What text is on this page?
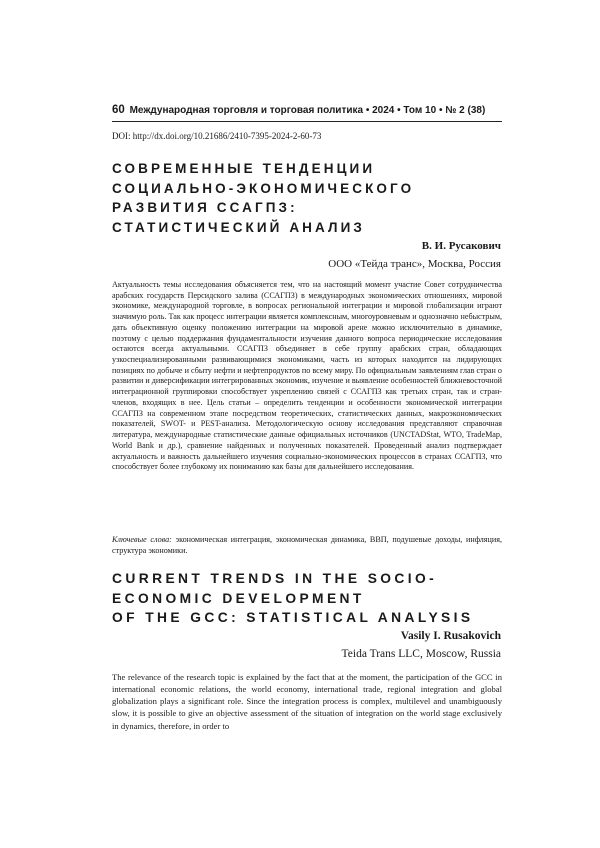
60 Международная торговля и торговая политика • 2024 • Том 10 • № 2 (38)
DOI: http://dx.doi.org/10.21686/2410-7395-2024-2-60-73
СОВРЕМЕННЫЕ ТЕНДЕНЦИИ
СОЦИАЛЬНО-ЭКОНОМИЧЕСКОГО
РАЗВИТИЯ ССАГПЗ:
СТАТИСТИЧЕСКИЙ АНАЛИЗ
В. И. Русакович
ООО «Тейда транс», Москва, Россия

Актуальность темы исследования объясняется тем, что на настоящий момент участие Совет сотрудничества арабских государств Персидского залива (ССАГПЗ) в международных экономических отношениях, мировой экономике, международной торговле, в вопросах региональной интеграции и мировой глобализации играют значимую роль. Так как процесс интеграции является комплексным, многоуровневым и однозначно небыстрым, дать объективную оценку положению интеграции на мировой арене можно исключительно в динамике, поэтому с целью поддержания фундаментальности изучения данного вопроса периодические исследования остаются всегда актуальными. ССАГПЗ объединяет в себе группу арабских стран, обладающих узкоспециализированными развивающимися экономиками, часть из которых находится на лидирующих позициях по добыче и сбыту нефти и нефтепродуктов по всему миру. По официальным заявлениям глав стран о развитии и диверсификации интегрированных экономик, изучение и выявление особенностей ближневосточной интеграционной группировки способствует укреплению связей с ССАГПЗ как третьих стран, так и стран-членов, входящих в нее. Цель статьи – определить тенденции и особенности экономической интеграции ССАГПЗ на современном этапе посредством теоретических, статистических данных, макроэкономических показателей, SWOT- и PEST-анализа. Методологическую основу исследования представляют справочная литература, международные статистические данные официальных источников (UNCTADStat, WTO, TradeMap, World Bank и др.), сравнение найденных и полученных показателей. Проведенный анализ подтверждает актуальность и важность дальнейшего изучения социально-экономических процессов в странах ССАГПЗ, что способствует более глубокому их пониманию как базы для дальнейшего исследования.

Ключевые слова: экономическая интеграция, экономическая динамика, ВВП, подушевые доходы, инфляция, структура экономики.

CURRENT TRENDS IN THE SOCIO-
ECONOMIC DEVELOPMENT
OF THE GCC: STATISTICAL ANALYSIS
Vasily I. Rusakovich
Teida Trans LLC, Moscow, Russia

The relevance of the research topic is explained by the fact that at the moment, the participation of the GCC in international economic relations, the world economy, international trade, regional integration and global globalization plays a significant role. Since the integration process is complex, multilevel and unambiguously slow, it is possible to give an objective assessment of the situation of integration on the world stage exclusively in dynamics, therefore, in order to
